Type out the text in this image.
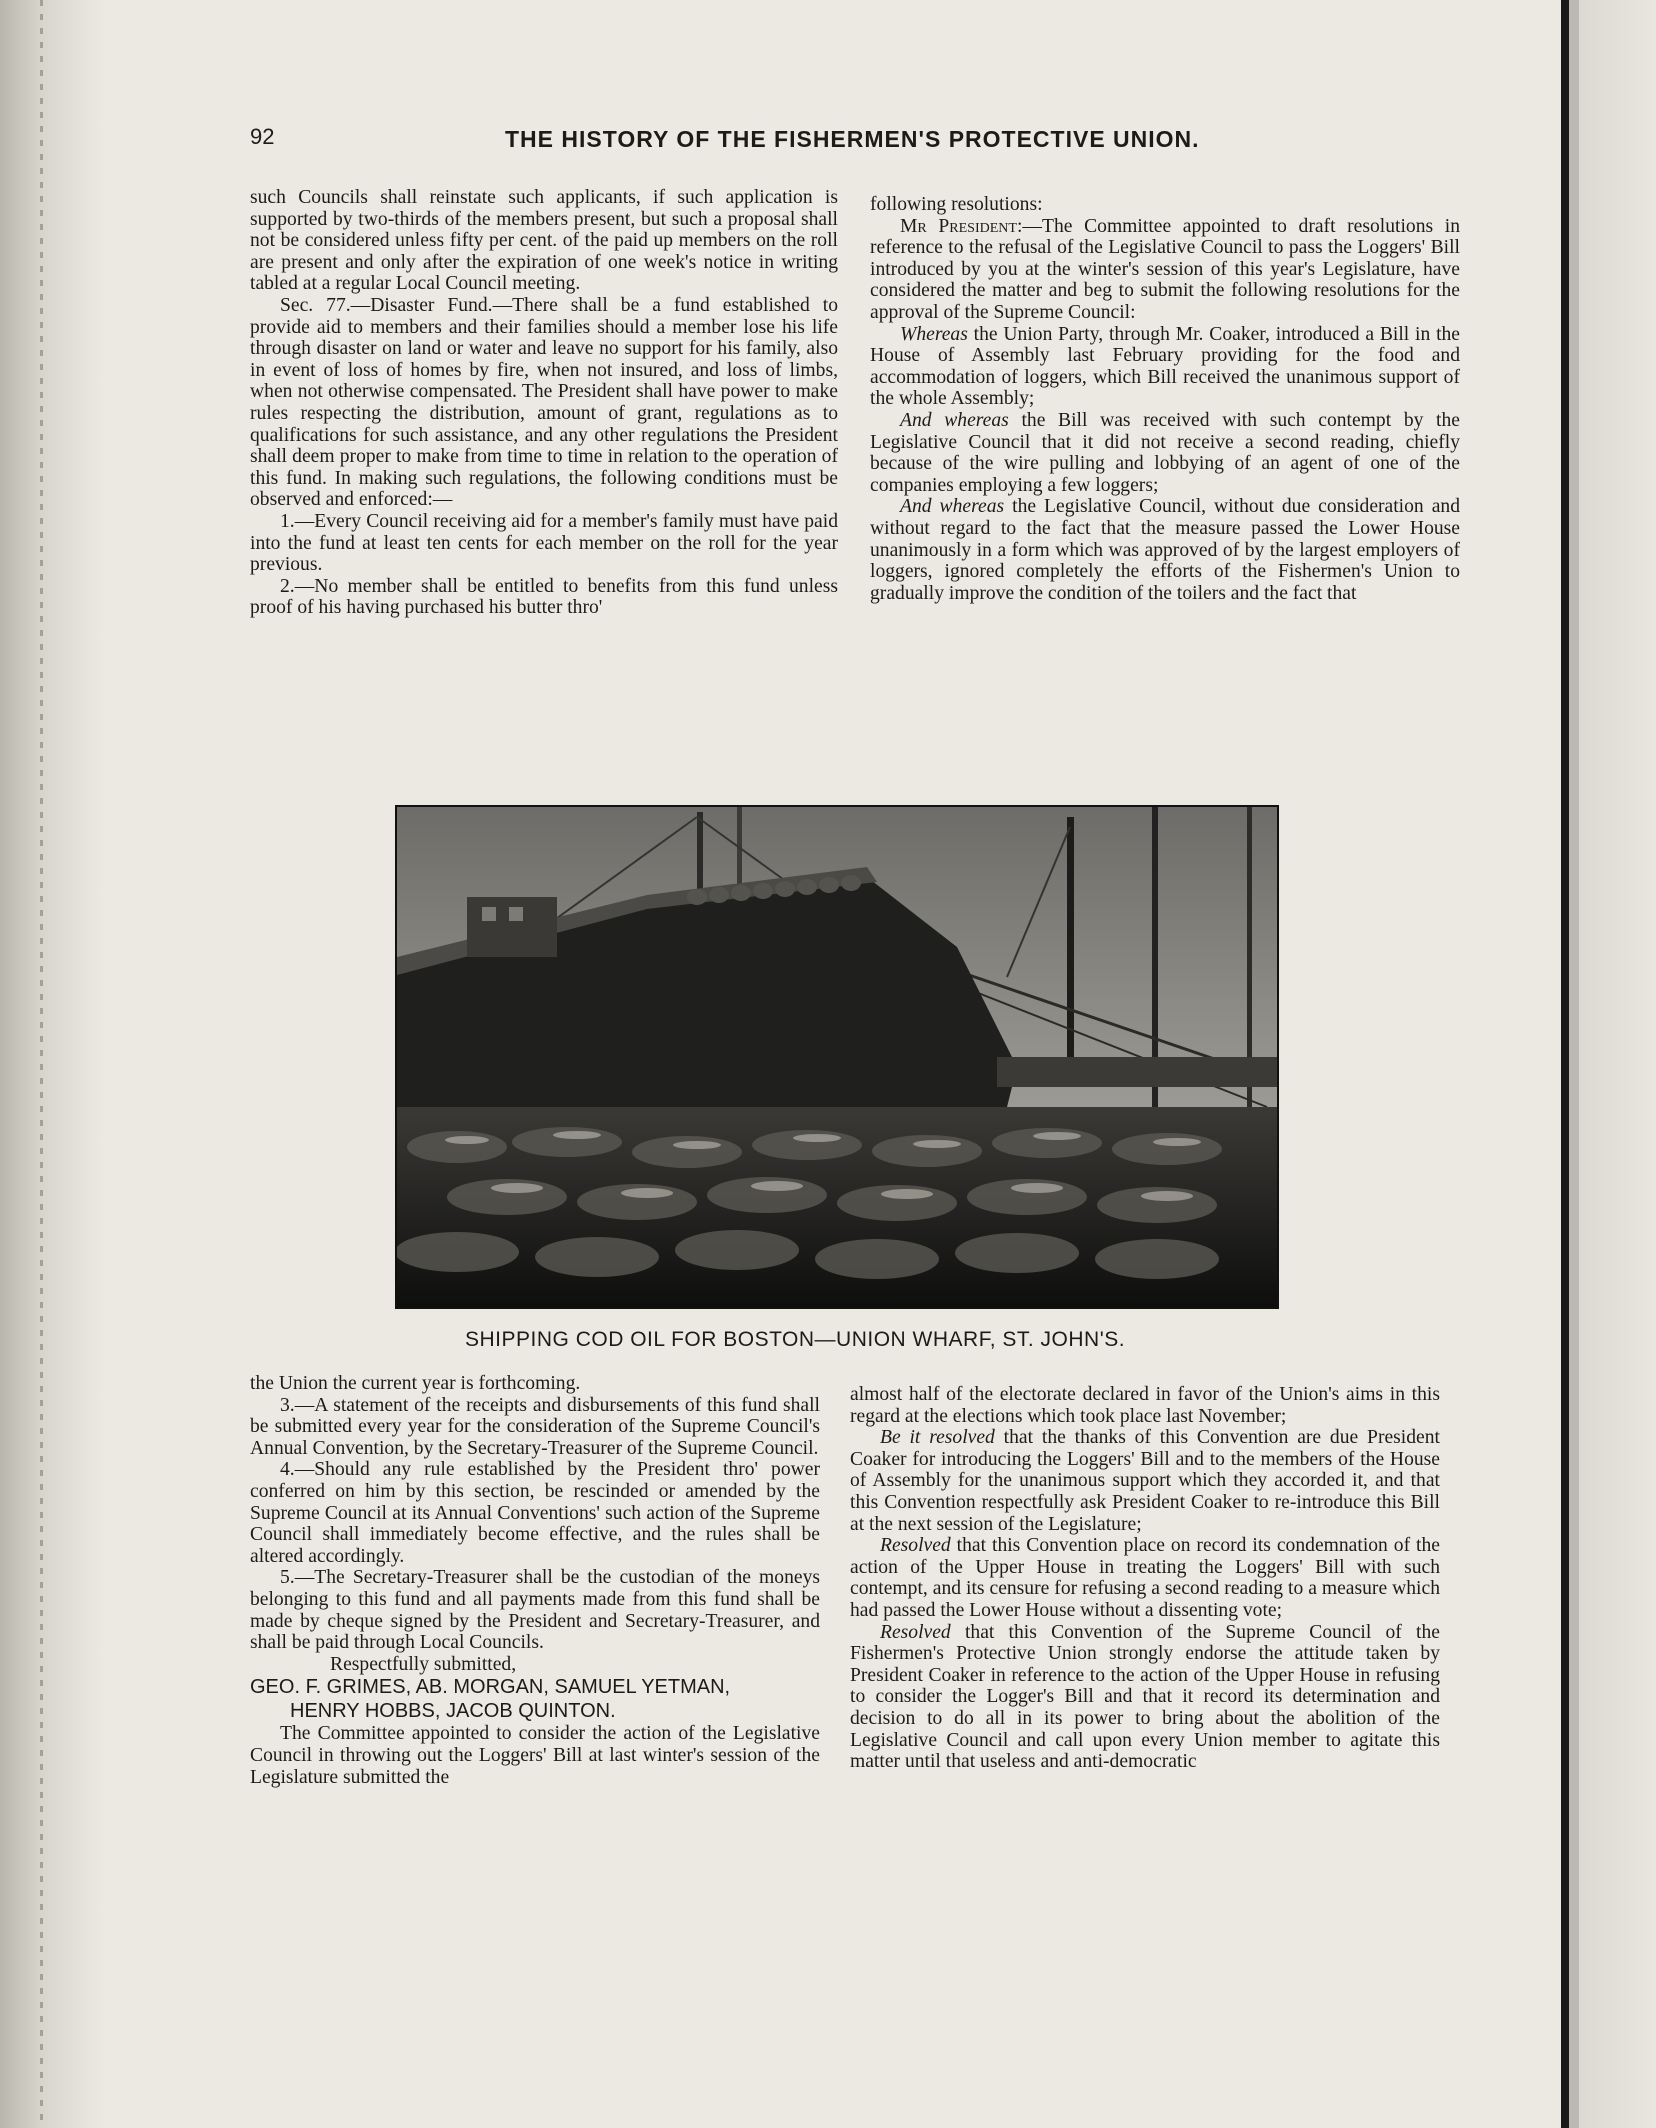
92	THE HISTORY OF THE FISHERMEN'S PROTECTIVE UNION.

such Councils shall reinstate such applicants, if such application is supported by two-thirds of the members present, but such a proposal shall not be considered unless fifty per cent. of the paid up members on the roll are present and only after the expiration of one week's notice in writing tabled at a regular Local Council meeting.

Sec. 77.—Disaster Fund.—There shall be a fund established to provide aid to members and their families should a member lose his life through disaster on land or water and leave no support for his family, also in event of loss of homes by fire, when not insured, and loss of limbs, when not otherwise compensated. The President shall have power to make rules respecting the distribution, amount of grant, regulations as to qualifications for such assistance, and any other regulations the President shall deem proper to make from time to time in relation to the operation of this fund. In making such regulations, the following conditions must be observed and enforced:—

1.—Every Council receiving aid for a member's family must have paid into the fund at least ten cents for each member on the roll for the year previous.

2.—No member shall be entitled to benefits from this fund unless proof of his having purchased his butter thro'

following resolutions:

Mr President:—The Committee appointed to draft resolutions in reference to the refusal of the Legislative Council to pass the Loggers' Bill introduced by you at the winter's session of this year's Legislature, have considered the matter and beg to submit the following resolutions for the approval of the Supreme Council:

Whereas the Union Party, through Mr. Coaker, introduced a Bill in the House of Assembly last February providing for the food and accommodation of loggers, which Bill received the unanimous support of the whole Assembly;

And whereas the Bill was received with such contempt by the Legislative Council that it did not receive a second reading, chiefly because of the wire pulling and lobbying of an agent of one of the companies employing a few loggers;

And whereas the Legislative Council, without due consideration and without regard to the fact that the measure passed the Lower House unanimously in a form which was approved of by the largest employers of loggers, ignored completely the efforts of the Fishermen's Union to gradually improve the condition of the toilers and the fact that

SHIPPING COD OIL FOR BOSTON—UNION WHARF, ST. JOHN'S.

the Union the current year is forthcoming.

3.—A statement of the receipts and disbursements of this fund shall be submitted every year for the consideration of the Supreme Council's Annual Convention, by the Secretary-Treasurer of the Supreme Council.

4.—Should any rule established by the President thro' power conferred on him by this section, be rescinded or amended by the Supreme Council at its Annual Conventions' such action of the Supreme Council shall immediately become effective, and the rules shall be altered accordingly.

5.—The Secretary-Treasurer shall be the custodian of the moneys belonging to this fund and all payments made from this fund shall be made by cheque signed by the President and Secretary-Treasurer, and shall be paid through Local Councils.

Respectfully submitted,

GEO. F. GRIMES, AB. MORGAN, SAMUEL YETMAN,
HENRY HOBBS, JACOB QUINTON.

The Committee appointed to consider the action of the Legislative Council in throwing out the Loggers' Bill at last winter's session of the Legislature submitted the

almost half of the electorate declared in favor of the Union's aims in this regard at the elections which took place last November;

Be it resolved that the thanks of this Convention are due President Coaker for introducing the Loggers' Bill and to the members of the House of Assembly for the unanimous support which they accorded it, and that this Convention respectfully ask President Coaker to re-introduce this Bill at the next session of the Legislature;

Resolved that this Convention place on record its condemnation of the action of the Upper House in treating the Loggers' Bill with such contempt, and its censure for refusing a second reading to a measure which had passed the Lower House without a dissenting vote;

Resolved that this Convention of the Supreme Council of the Fishermen's Protective Union strongly endorse the attitude taken by President Coaker in reference to the action of the Upper House in refusing to consider the Logger's Bill and that it record its determination and decision to do all in its power to bring about the abolition of the Legislative Council and call upon every Union member to agitate this matter until that useless and anti-democratic
